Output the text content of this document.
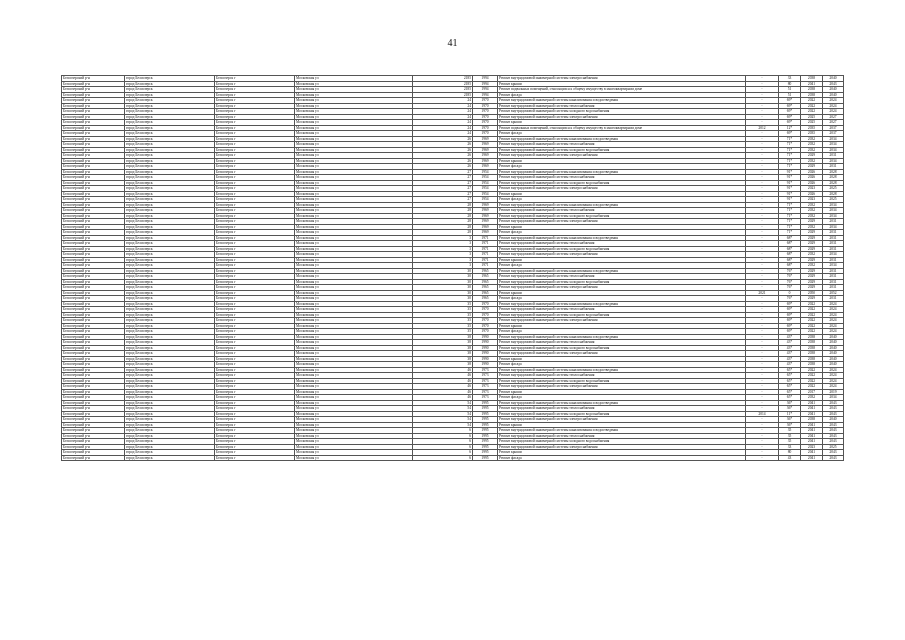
41
Белоозерский р-н	город Белоозерск	Белоозерск г	Московская ул	2185	1994	Ремонт внутридомовой инженерной системы электроснабжения	-	33	2038	2040
Белоозерский р-н	город Белоозерск	Белоозерск г	Московская ул	2185	1994	Ремонт крыши	-	80	2041	2043
Белоозерский р-н	город Белоозерск	Белоозерск г	Московская ул	2185	1994	Ремонт подвальных помещений, относящихся к общему имуществу в многоквартирном доме	-	51	2038	2040
Белоозерский р-н	город Белоозерск	Белоозерск г	Московская ул	2185	1994	Ремонт фасада	-	51	2038	2040
Белоозерский р-н	город Белоозерск	Белоозерск г	Московская ул	24	1970	Ремонт внутридомовой инженерной системы канализования и водоотведения	-	69*	2022	2024
Белоозерский р-н	город Белоозерск	Белоозерск г	Московская ул	24	1970	Ремонт внутридомовой инженерной системы теплоснабжения	-	69*	2022	2024
Белоозерский р-н	город Белоозерск	Белоозерск г	Московская ул	24	1970	Ремонт внутридомовой инженерной системы холодного водоснабжения	-	69*	2022	2024
Белоозерский р-н	город Белоозерск	Белоозерск г	Московская ул	24	1970	Ремонт внутридомовой инженерной системы электроснабжения	-	69*	2025	2027
Белоозерский р-н	город Белоозерск	Белоозерск г	Московская ул	24	1970	Ремонт крыши	-	69*	2025	2027
Белоозерский р-н	город Белоозерск	Белоозерск г	Московская ул	24	1970	Ремонт подвальных помещений, относящихся к общему имуществу в многоквартирном доме	2012	12*	2035	2037
Белоозерский р-н	город Белоозерск	Белоозерск г	Московская ул	24	1970	Ремонт фасада	-	69*	2035	2037
Белоозерский р-н	город Белоозерск	Белоозерск г	Московская ул	26	1969	Ремонт внутридомовой инженерной системы канализования и водоотведения	-	71*	2032	2034
Белоозерский р-н	город Белоозерск	Белоозерск г	Московская ул	26	1969	Ремонт внутридомовой инженерной системы теплоснабжения	-	71*	2032	2034
Белоозерский р-н	город Белоозерск	Белоозерск г	Московская ул	26	1969	Ремонт внутридомовой инженерной системы холодного водоснабжения	-	71*	2032	2034
Белоозерский р-н	город Белоозерск	Белоозерск г	Московская ул	26	1969	Ремонт внутридомовой инженерной системы электроснабжения	-	71*	2029	2031
Белоозерский р-н	город Белоозерск	Белоозерск г	Московская ул	26	1969	Ремонт крыши	-	71*	2032	2034
Белоозерский р-н	город Белоозерск	Белоозерск г	Московская ул	26	1969	Ремонт фасада	-	71*	2029	2031
Белоозерский р-н	город Белоозерск	Белоозерск г	Московская ул	27	1954	Ремонт внутридомовой инженерной системы канализования и водоотведения	-	91*	2026	2028
Белоозерский р-н	город Белоозерск	Белоозерск г	Московская ул	27	1954	Ремонт внутридомовой инженерной системы теплоснабжения	-	91*	2026	2028
Белоозерский р-н	город Белоозерск	Белоозерск г	Московская ул	27	1954	Ремонт внутридомовой инженерной системы холодного водоснабжения	-	91*	2026	2028
Белоозерский р-н	город Белоозерск	Белоозерск г	Московская ул	27	1954	Ремонт внутридомовой инженерной системы электроснабжения	-	91*	2023	2025
Белоозерский р-н	город Белоозерск	Белоозерск г	Московская ул	27	1954	Ремонт крыши	-	91*	2026	2028
Белоозерский р-н	город Белоозерск	Белоозерск г	Московская ул	27	1954	Ремонт фасада	-	91*	2023	2025
Белоозерский р-н	город Белоозерск	Белоозерск г	Московская ул	28	1969	Ремонт внутридомовой инженерной системы канализования и водоотведения	-	71*	2032	2034
Белоозерский р-н	город Белоозерск	Белоозерск г	Московская ул	28	1969	Ремонт внутридомовой инженерной системы теплоснабжения	-	71*	2032	2034
Белоозерский р-н	город Белоозерск	Белоозерск г	Московская ул	28	1969	Ремонт внутридомовой инженерной системы холодного водоснабжения	-	71*	2032	2034
Белоозерский р-н	город Белоозерск	Белоозерск г	Московская ул	28	1969	Ремонт внутридомовой инженерной системы электроснабжения	-	71*	2029	2031
Белоозерский р-н	город Белоозерск	Белоозерск г	Московская ул	28	1969	Ремонт крыши	-	71*	2032	2034
Белоозерский р-н	город Белоозерск	Белоозерск г	Московская ул	28	1969	Ремонт фасада	-	71*	2029	2031
Белоозерский р-н	город Белоозерск	Белоозерск г	Московская ул	3	1971	Ремонт внутридомовой инженерной системы канализования и водоотведения	-	68*	2029	2031
Белоозерский р-н	город Белоозерск	Белоозерск г	Московская ул	3	1971	Ремонт внутридомовой инженерной системы теплоснабжения	-	68*	2029	2031
Белоозерский р-н	город Белоозерск	Белоозерск г	Московская ул	3	1971	Ремонт внутридомовой инженерной системы холодного водоснабжения	-	68*	2029	2031
Белоозерский р-н	город Белоозерск	Белоозерск г	Московская ул	3	1971	Ремонт внутридомовой инженерной системы электроснабжения	-	68*	2032	2034
Белоозерский р-н	город Белоозерск	Белоозерск г	Московская ул	3	1971	Ремонт крыши	-	68*	2029	2031
Белоозерский р-н	город Белоозерск	Белоозерск г	Московская ул	3	1971	Ремонт фасада	-	68*	2032	2034
Белоозерский р-н	город Белоозерск	Белоозерск г	Московская ул	30	1965	Ремонт внутридомовой инженерной системы канализования и водоотведения	-	76*	2029	2031
Белоозерский р-н	город Белоозерск	Белоозерск г	Московская ул	30	1965	Ремонт внутридомовой инженерной системы теплоснабжения	-	76*	2029	2031
Белоозерский р-н	город Белоозерск	Белоозерск г	Московская ул	30	1965	Ремонт внутридомовой инженерной системы холодного водоснабжения	-	76*	2029	2031
Белоозерский р-н	город Белоозерск	Белоозерск г	Московская ул	30	1965	Ремонт внутридомовой инженерной системы электроснабжения	-	76*	2029	2031
Белоозерский р-н	город Белоозерск	Белоозерск г	Московская ул	30	1965	Ремонт крыши	2021	0	2050	2052
Белоозерский р-н	город Белоозерск	Белоозерск г	Московская ул	30	1965	Ремонт фасада	-	76*	2029	2031
Белоозерский р-н	город Белоозерск	Белоозерск г	Московская ул	35	1970	Ремонт внутридомовой инженерной системы канализования и водоотведения	-	69*	2022	2024
Белоозерский р-н	город Белоозерск	Белоозерск г	Московская ул	35	1970	Ремонт внутридомовой инженерной системы теплоснабжения	-	69*	2022	2024
Белоозерский р-н	город Белоозерск	Белоозерск г	Московская ул	35	1970	Ремонт внутридомовой инженерной системы холодного водоснабжения	-	69*	2022	2024
Белоозерский р-н	город Белоозерск	Белоозерск г	Московская ул	35	1970	Ремонт внутридомовой инженерной системы электроснабжения	-	69*	2022	2024
Белоозерский р-н	город Белоозерск	Белоозерск г	Московская ул	35	1970	Ремонт крыши	-	69*	2022	2024
Белоозерский р-н	город Белоозерск	Белоозерск г	Московская ул	35	1970	Ремонт фасада	-	69*	2022	2024
Белоозерский р-н	город Белоозерск	Белоозерск г	Московская ул	38	1990	Ремонт внутридомовой инженерной системы канализования и водоотведения	-	43*	2038	2040
Белоозерский р-н	город Белоозерск	Белоозерск г	Московская ул	38	1990	Ремонт внутридомовой инженерной системы теплоснабжения	-	43*	2038	2040
Белоозерский р-н	город Белоозерск	Белоозерск г	Московская ул	38	1990	Ремонт внутридомовой инженерной системы холодного водоснабжения	-	43*	2038	2040
Белоозерский р-н	город Белоозерск	Белоозерск г	Московская ул	38	1990	Ремонт внутридомовой инженерной системы электроснабжения	-	43*	2038	2040
Белоозерский р-н	город Белоозерск	Белоозерск г	Московская ул	38	1990	Ремонт крыши	-	43*	2038	2040
Белоозерский р-н	город Белоозерск	Белоозерск г	Московская ул	38	1990	Ремонт фасада	-	43*	2038	2040
Белоозерский р-н	город Белоозерск	Белоозерск г	Московская ул	46	1973	Ремонт внутридомовой инженерной системы канализования и водоотведения	-	65*	2022	2024
Белоозерский р-н	город Белоозерск	Белоозерск г	Московская ул	46	1973	Ремонт внутридомовой инженерной системы теплоснабжения	-	65*	2022	2024
Белоозерский р-н	город Белоозерск	Белоозерск г	Московская ул	46	1973	Ремонт внутридомовой инженерной системы холодного водоснабжения	-	65*	2022	2024
Белоозерский р-н	город Белоозерск	Белоозерск г	Московская ул	46	1973	Ремонт внутридомовой инженерной системы электроснабжения	-	65*	2022	2024
Белоозерский р-н	город Белоозерск	Белоозерск г	Московская ул	46	1973	Ремонт крыши	-	65*	2017	2019
Белоозерский р-н	город Белоозерск	Белоозерск г	Московская ул	46	1973	Ремонт фасада	-	65*	2032	2034
Белоозерский р-н	город Белоозерск	Белоозерск г	Московская ул	54	1995	Ремонт внутридомовой инженерной системы канализования и водоотведения	-	36*	2041	2043
Белоозерский р-н	город Белоозерск	Белоозерск г	Московская ул	54	1995	Ремонт внутридомовой инженерной системы теплоснабжения	-	36*	2041	2043
Белоозерский р-н	город Белоозерск	Белоозерск г	Московская ул	54	1995	Ремонт внутридомовой инженерной системы холодного водоснабжения	2014	11*	2041	2043
Белоозерский р-н	город Белоозерск	Белоозерск г	Московская ул	54	1995	Ремонт внутридомовой инженерной системы электроснабжения	-	36*	2038	2040
Белоозерский р-н	город Белоозерск	Белоозерск г	Московская ул	54	1995	Ремонт крыши	-	36*	2041	2043
Белоозерский р-н	город Белоозерск	Белоозерск г	Московская ул	6	1995	Ремонт внутридомовой инженерной системы канализования и водоотведения	-	35	2041	2043
Белоозерский р-н	город Белоозерск	Белоозерск г	Московская ул	6	1995	Ремонт внутридомовой инженерной системы теплоснабжения	-	35	2041	2043
Белоозерский р-н	город Белоозерск	Белоозерск г	Московская ул	6	1995	Ремонт внутридомовой инженерной системы холодного водоснабжения	-	35	2041	2043
Белоозерский р-н	город Белоозерск	Белоозерск г	Московская ул	6	1995	Ремонт внутридомовой инженерной системы электроснабжения	-	33	2023	2025
Белоозерский р-н	город Белоозерск	Белоозерск г	Московская ул	6	1995	Ремонт крыши	-	80	2041	2043
Белоозерский р-н	город Белоозерск	Белоозерск г	Московская ул	6	1995	Ремонт фасада	-	43	2041	2043
